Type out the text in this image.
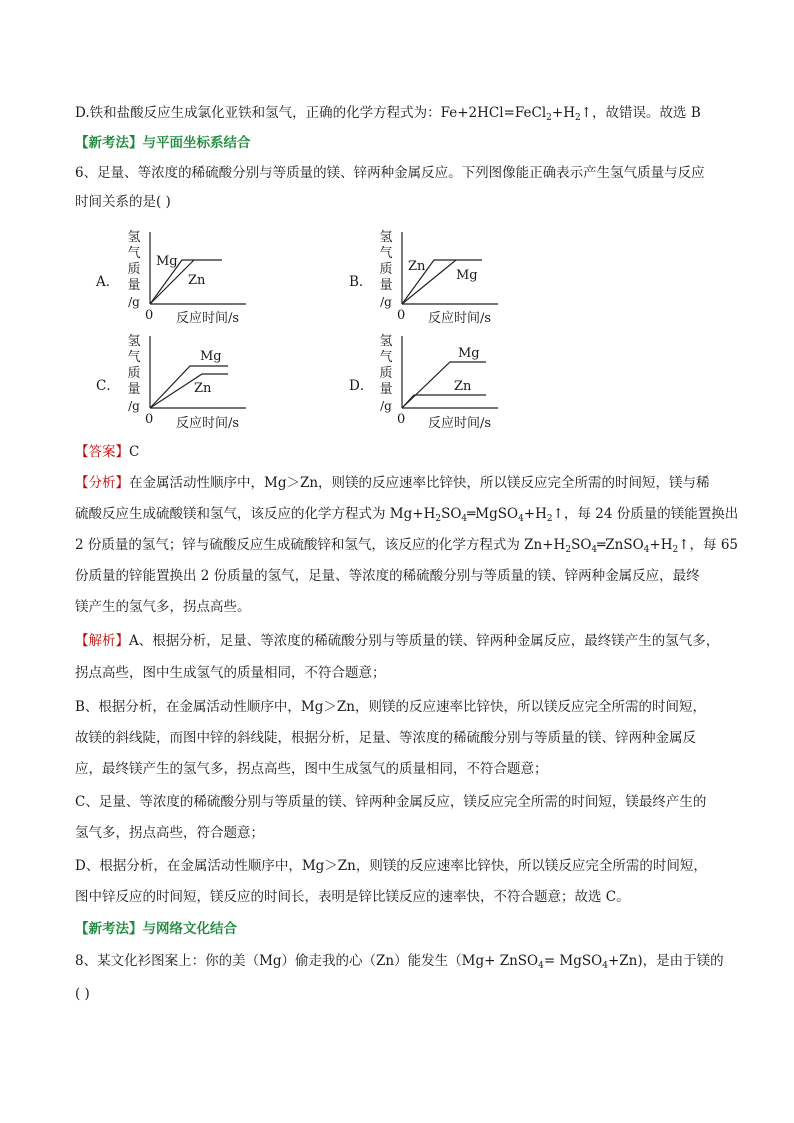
D.铁和盐酸反应生成氯化亚铁和氢气，正确的化学方程式为：$Fe+2HCl=FeCl_2+H_2↑$，故错误。故选 B
【新考法】与平面坐标系结合
6、足量、等浓度的稀硫酸分别与等质量的镁、锌两种金属反应。下列图像能正确表示产生氢气质量与反应
时间关系的是( )
A．
氢
气
质
量
/g
Mg
Zn
0 反应时间/s
B．
氢
气
质
量
/g
Zn
Mg
0 反应时间/s
C．
氢
气
质
量
/g
Mg
Zn
0 反应时间/s
D．
氢
气
质
量
/g
Mg
Zn
0 反应时间/s
【答案】C
【分析】在金属活动性顺序中，Mg＞Zn，则镁的反应速率比锌快，所以镁反应完全所需的时间短，镁与稀
硫酸反应生成硫酸镁和氢气，该反应的化学方程式为 $Mg+H_2SO_4═MgSO_4+H_2↑$，每 24 份质量的镁能置换出
2 份质量的氢气；锌与硫酸反应生成硫酸锌和氢气，该反应的化学方程式为 $Zn+H_2SO_4═ZnSO_4+H_2↑$，每 65
份质量的锌能置换出 2 份质量的氢气，足量、等浓度的稀硫酸分别与等质量的镁、锌两种金属反应，最终
镁产生的氢气多，拐点高些。
【解析】A、根据分析，足量、等浓度的稀硫酸分别与等质量的镁、锌两种金属反应，最终镁产生的氢气多，
拐点高些，图中生成氢气的质量相同，不符合题意；
B、根据分析，在金属活动性顺序中，Mg＞Zn，则镁的反应速率比锌快，所以镁反应完全所需的时间短，
故镁的斜线陡，而图中锌的斜线陡，根据分析，足量、等浓度的稀硫酸分别与等质量的镁、锌两种金属反
应，最终镁产生的氢气多，拐点高些，图中生成氢气的质量相同，不符合题意；
C、足量、等浓度的稀硫酸分别与等质量的镁、锌两种金属反应，镁反应完全所需的时间短，镁最终产生的
氢气多，拐点高些，符合题意；
D、根据分析，在金属活动性顺序中，Mg＞Zn，则镁的反应速率比锌快，所以镁反应完全所需的时间短，
图中锌反应的时间短，镁反应的时间长，表明是锌比镁反应的速率快，不符合题意；故选 C。
【新考法】与网络文化结合
8、某文化衫图案上：你的美（Mg）偷走我的心（Zn）能发生（Mg+ ZnSO$_4$= MgSO$_4$+Zn)，是由于镁的
( )
